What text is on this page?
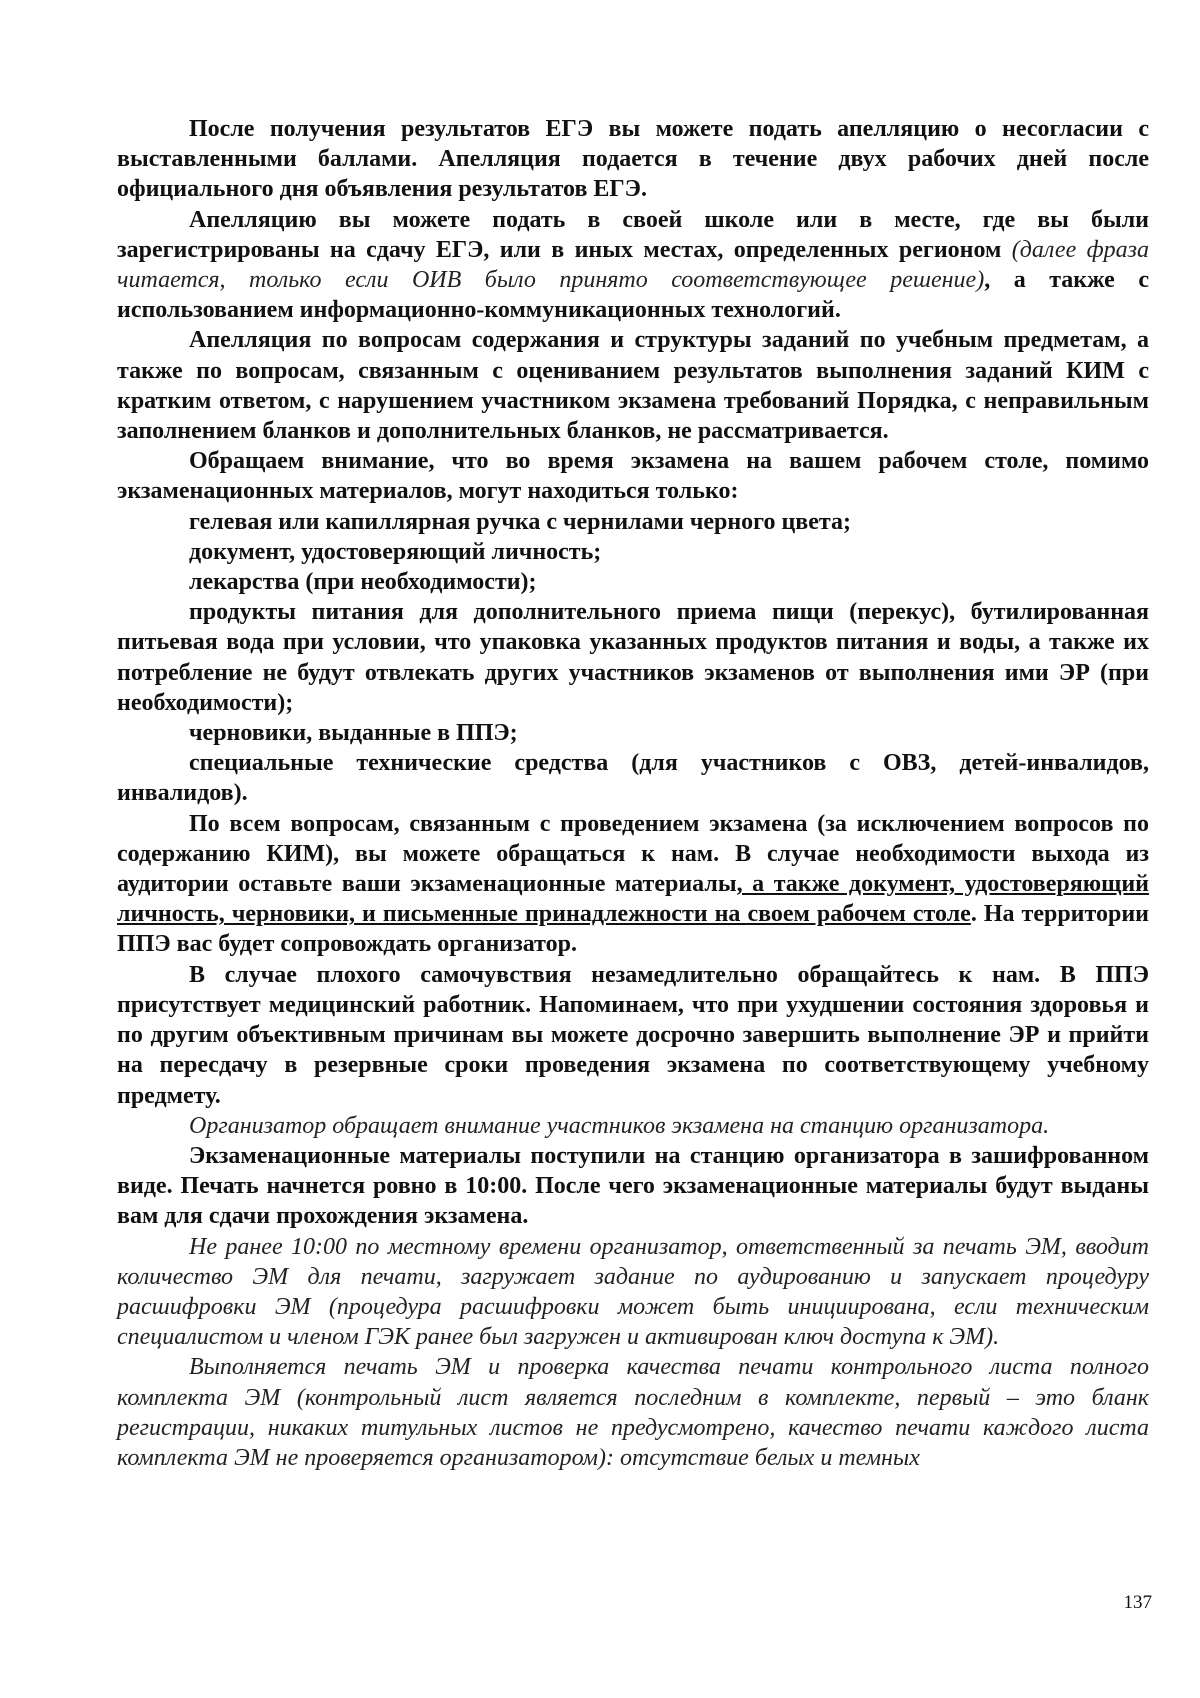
После получения результатов ЕГЭ вы можете подать апелляцию о несогласии с выставленными баллами. Апелляция подается в течение двух рабочих дней после официального дня объявления результатов ЕГЭ.

Апелляцию вы можете подать в своей школе или в месте, где вы были зарегистрированы на сдачу ЕГЭ, или в иных местах, определенных регионом (далее фраза читается, только если ОИВ было принято соответствующее решение), а также с использованием информационно-коммуникационных технологий.

Апелляция по вопросам содержания и структуры заданий по учебным предметам, а также по вопросам, связанным с оцениванием результатов выполнения заданий КИМ с кратким ответом, с нарушением участником экзамена требований Порядка, с неправильным заполнением бланков и дополнительных бланков, не рассматривается.

Обращаем внимание, что во время экзамена на вашем рабочем столе, помимо экзаменационных материалов, могут находиться только:

гелевая или капиллярная ручка с чернилами черного цвета;

документ, удостоверяющий личность;

лекарства (при необходимости);

продукты питания для дополнительного приема пищи (перекус), бутилированная питьевая вода при условии, что упаковка указанных продуктов питания и воды, а также их потребление не будут отвлекать других участников экзаменов от выполнения ими ЭР (при необходимости);

черновики, выданные в ППЭ;

специальные технические средства (для участников с ОВЗ, детей-инвалидов, инвалидов).

По всем вопросам, связанным с проведением экзамена (за исключением вопросов по содержанию КИМ), вы можете обращаться к нам. В случае необходимости выхода из аудитории оставьте ваши экзаменационные материалы, а также документ, удостоверяющий личность, черновики, и письменные принадлежности на своем рабочем столе. На территории ППЭ вас будет сопровождать организатор.

В случае плохого самочувствия незамедлительно обращайтесь к нам. В ППЭ присутствует медицинский работник. Напоминаем, что при ухудшении состояния здоровья и по другим объективным причинам вы можете досрочно завершить выполнение ЭР и прийти на пересдачу в резервные сроки проведения экзамена по соответствующему учебному предмету.

Организатор обращает внимание участников экзамена на станцию организатора.

Экзаменационные материалы поступили на станцию организатора в зашифрованном виде. Печать начнется ровно в 10:00. После чего экзаменационные материалы будут выданы вам для сдачи прохождения экзамена.

Не ранее 10:00 по местному времени организатор, ответственный за печать ЭМ, вводит количество ЭМ для печати, загружает задание по аудированию и запускает процедуру расшифровки ЭМ (процедура расшифровки может быть инициирована, если техническим специалистом и членом ГЭК ранее был загружен и активирован ключ доступа к ЭМ).

Выполняется печать ЭМ и проверка качества печати контрольного листа полного комплекта ЭМ (контрольный лист является последним в комплекте, первый – это бланк регистрации, никаких титульных листов не предусмотрено, качество печати каждого листа комплекта ЭМ не проверяется организатором): отсутствие белых и темных

137
